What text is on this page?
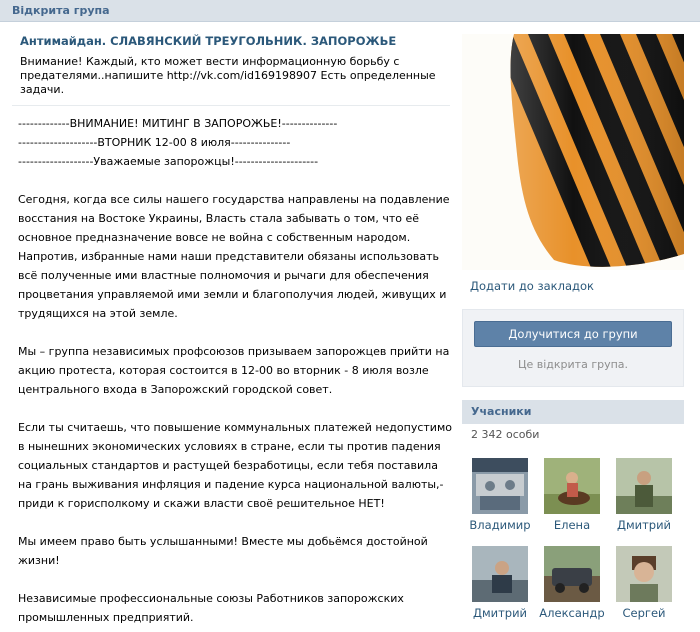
Відкрита група
Антимайдан. СЛАВЯНСКИЙ ТРЕУГОЛЬНИК. ЗАПОРОЖЬЕ
Внимание! Каждый, кто может вести информационную борьбу с предателями..напишите http://vk.com/id169198907 Есть определенные задачи.

-------------ВНИМАНИЕ! МИТИНГ В ЗАПОРОЖЬЕ!--------------

--------------------ВТОРНИК 12-00 8 июля---------------

-------------------Уважаемые запорожцы!---------------------

Сегодня, когда все силы нашего государства направлены на подавление восстания на Востоке Украины, Власть стала забывать о том, что её основное предназначение вовсе не война с собственным народом.
Напротив, избранные нами наши представители обязаны использовать всё полученные ими властные полномочия и рычаги для обеспечения процветания управляемой ими земли и благополучия людей, живущих и трудящихся на этой земле.

Мы – группа независимых профсоюзов призываем запорожцев прийти на акцию протеста, которая состоится в 12-00 во вторник - 8 июля возле центрального входа в Запорожский городской совет.

Если ты считаешь, что повышение коммунальных платежей недопустимо в нынешних экономических условиях в стране, если ты против падения социальных стандартов и растущей безработицы, если тебя поставила на грань выживания инфляция и падение курса национальной валюты,-
приди к горисполкому и скажи власти своё решительное НЕТ!

Мы имеем право быть услышанными! Вместе мы добьёмся достойной жизни!

Независимые профессиональные союзы Работников запорожских промышленных предприятий.

Додати до закладок
Долучитися до групи
Це відкрита група.
Учасники
2 342 особи
Владимир	Елена	Дмитрий
Дмитрий	Александр	Сергей
